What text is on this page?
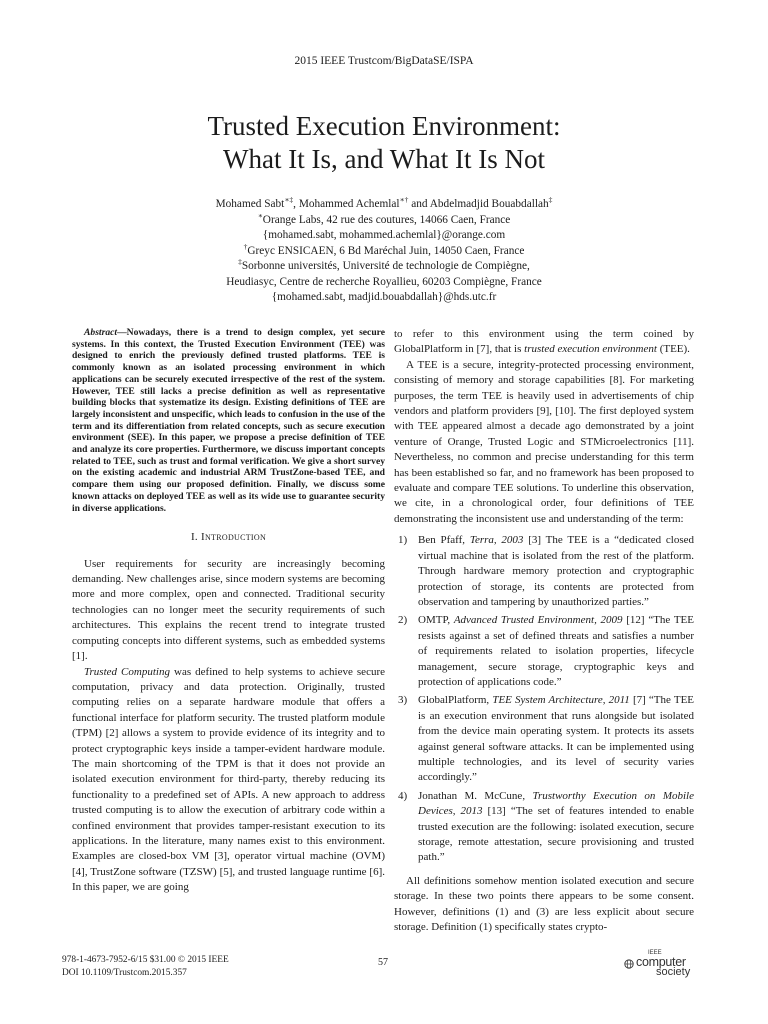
2015 IEEE Trustcom/BigDataSE/ISPA
Trusted Execution Environment:
What It Is, and What It Is Not
Mohamed Sabt∗‡, Mohammed Achemlal∗† and Abdelmadjid Bouabdallah‡
∗Orange Labs, 42 rue des coutures, 14066 Caen, France
{mohamed.sabt, mohammed.achemlal}@orange.com
†Greyc ENSICAEN, 6 Bd Maréchal Juin, 14050 Caen, France
‡Sorbonne universités, Université de technologie de Compiègne,
Heudiasyc, Centre de recherche Royallieu, 60203 Compiègne, France
{mohamed.sabt, madjid.bouabdallah}@hds.utc.fr

Abstract—Nowadays, there is a trend to design complex, yet secure systems. In this context, the Trusted Execution Environment (TEE) was designed to enrich the previously defined trusted platforms. TEE is commonly known as an isolated processing environment in which applications can be securely executed irrespective of the rest of the system. However, TEE still lacks a precise definition as well as representative building blocks that systematize its design. Existing definitions of TEE are largely inconsistent and unspecific, which leads to confusion in the use of the term and its differentiation from related concepts, such as secure execution environment (SEE). In this paper, we propose a precise definition of TEE and analyze its core properties. Furthermore, we discuss important concepts related to TEE, such as trust and formal verification. We give a short survey on the existing academic and industrial ARM TrustZone-based TEE, and compare them using our proposed definition. Finally, we discuss some known attacks on deployed TEE as well as its wide use to guarantee security in diverse applications.

I. Introduction

User requirements for security are increasingly becoming demanding. New challenges arise, since modern systems are becoming more and more complex, open and connected. Traditional security technologies can no longer meet the security requirements of such architectures. This explains the recent trend to integrate trusted computing concepts into different systems, such as embedded systems [1].

Trusted Computing was defined to help systems to achieve secure computation, privacy and data protection. Originally, trusted computing relies on a separate hardware module that offers a functional interface for platform security. The trusted platform module (TPM) [2] allows a system to provide evidence of its integrity and to protect cryptographic keys inside a tamper-evident hardware module. The main shortcoming of the TPM is that it does not provide an isolated execution environment for third-party, thereby reducing its functionality to a predefined set of APIs. A new approach to address trusted computing is to allow the execution of arbitrary code within a confined environment that provides tamper-resistant execution to its applications. In the literature, many names exist to this environment. Examples are closed-box VM [3], operator virtual machine (OVM) [4], TrustZone software (TZSW) [5], and trusted language runtime [6]. In this paper, we are going

to refer to this environment using the term coined by GlobalPlatform in [7], that is trusted execution environment (TEE).

A TEE is a secure, integrity-protected processing environment, consisting of memory and storage capabilities [8]. For marketing purposes, the term TEE is heavily used in advertisements of chip vendors and platform providers [9], [10]. The first deployed system with TEE appeared almost a decade ago demonstrated by a joint venture of Orange, Trusted Logic and STMicroelectronics [11]. Nevertheless, no common and precise understanding for this term has been established so far, and no framework has been proposed to evaluate and compare TEE solutions. To underline this observation, we cite, in a chronological order, four definitions of TEE demonstrating the inconsistent use and understanding of the term:

1) Ben Pfaff, Terra, 2003 [3] The TEE is a “dedicated closed virtual machine that is isolated from the rest of the platform. Through hardware memory protection and cryptographic protection of storage, its contents are protected from observation and tampering by unauthorized parties.”
2) OMTP, Advanced Trusted Environment, 2009 [12] “The TEE resists against a set of defined threats and satisfies a number of requirements related to isolation properties, lifecycle management, secure storage, cryptographic keys and protection of applications code.”
3) GlobalPlatform, TEE System Architecture, 2011 [7] “The TEE is an execution environment that runs alongside but isolated from the device main operating system. It protects its assets against general software attacks. It can be implemented using multiple technologies, and its level of security varies accordingly.”
4) Jonathan M. McCune, Trustworthy Execution on Mobile Devices, 2013 [13] “The set of features intended to enable trusted execution are the following: isolated execution, secure storage, remote attestation, secure provisioning and trusted path.”

All definitions somehow mention isolated execution and secure storage. In these two points there appears to be some consent. However, definitions (1) and (3) are less explicit about secure storage. Definition (1) specifically states crypto-

978-1-4673-7952-6/15 $31.00 © 2015 IEEE
DOI 10.1109/Trustcom.2015.357
57
IEEE
computer
society
